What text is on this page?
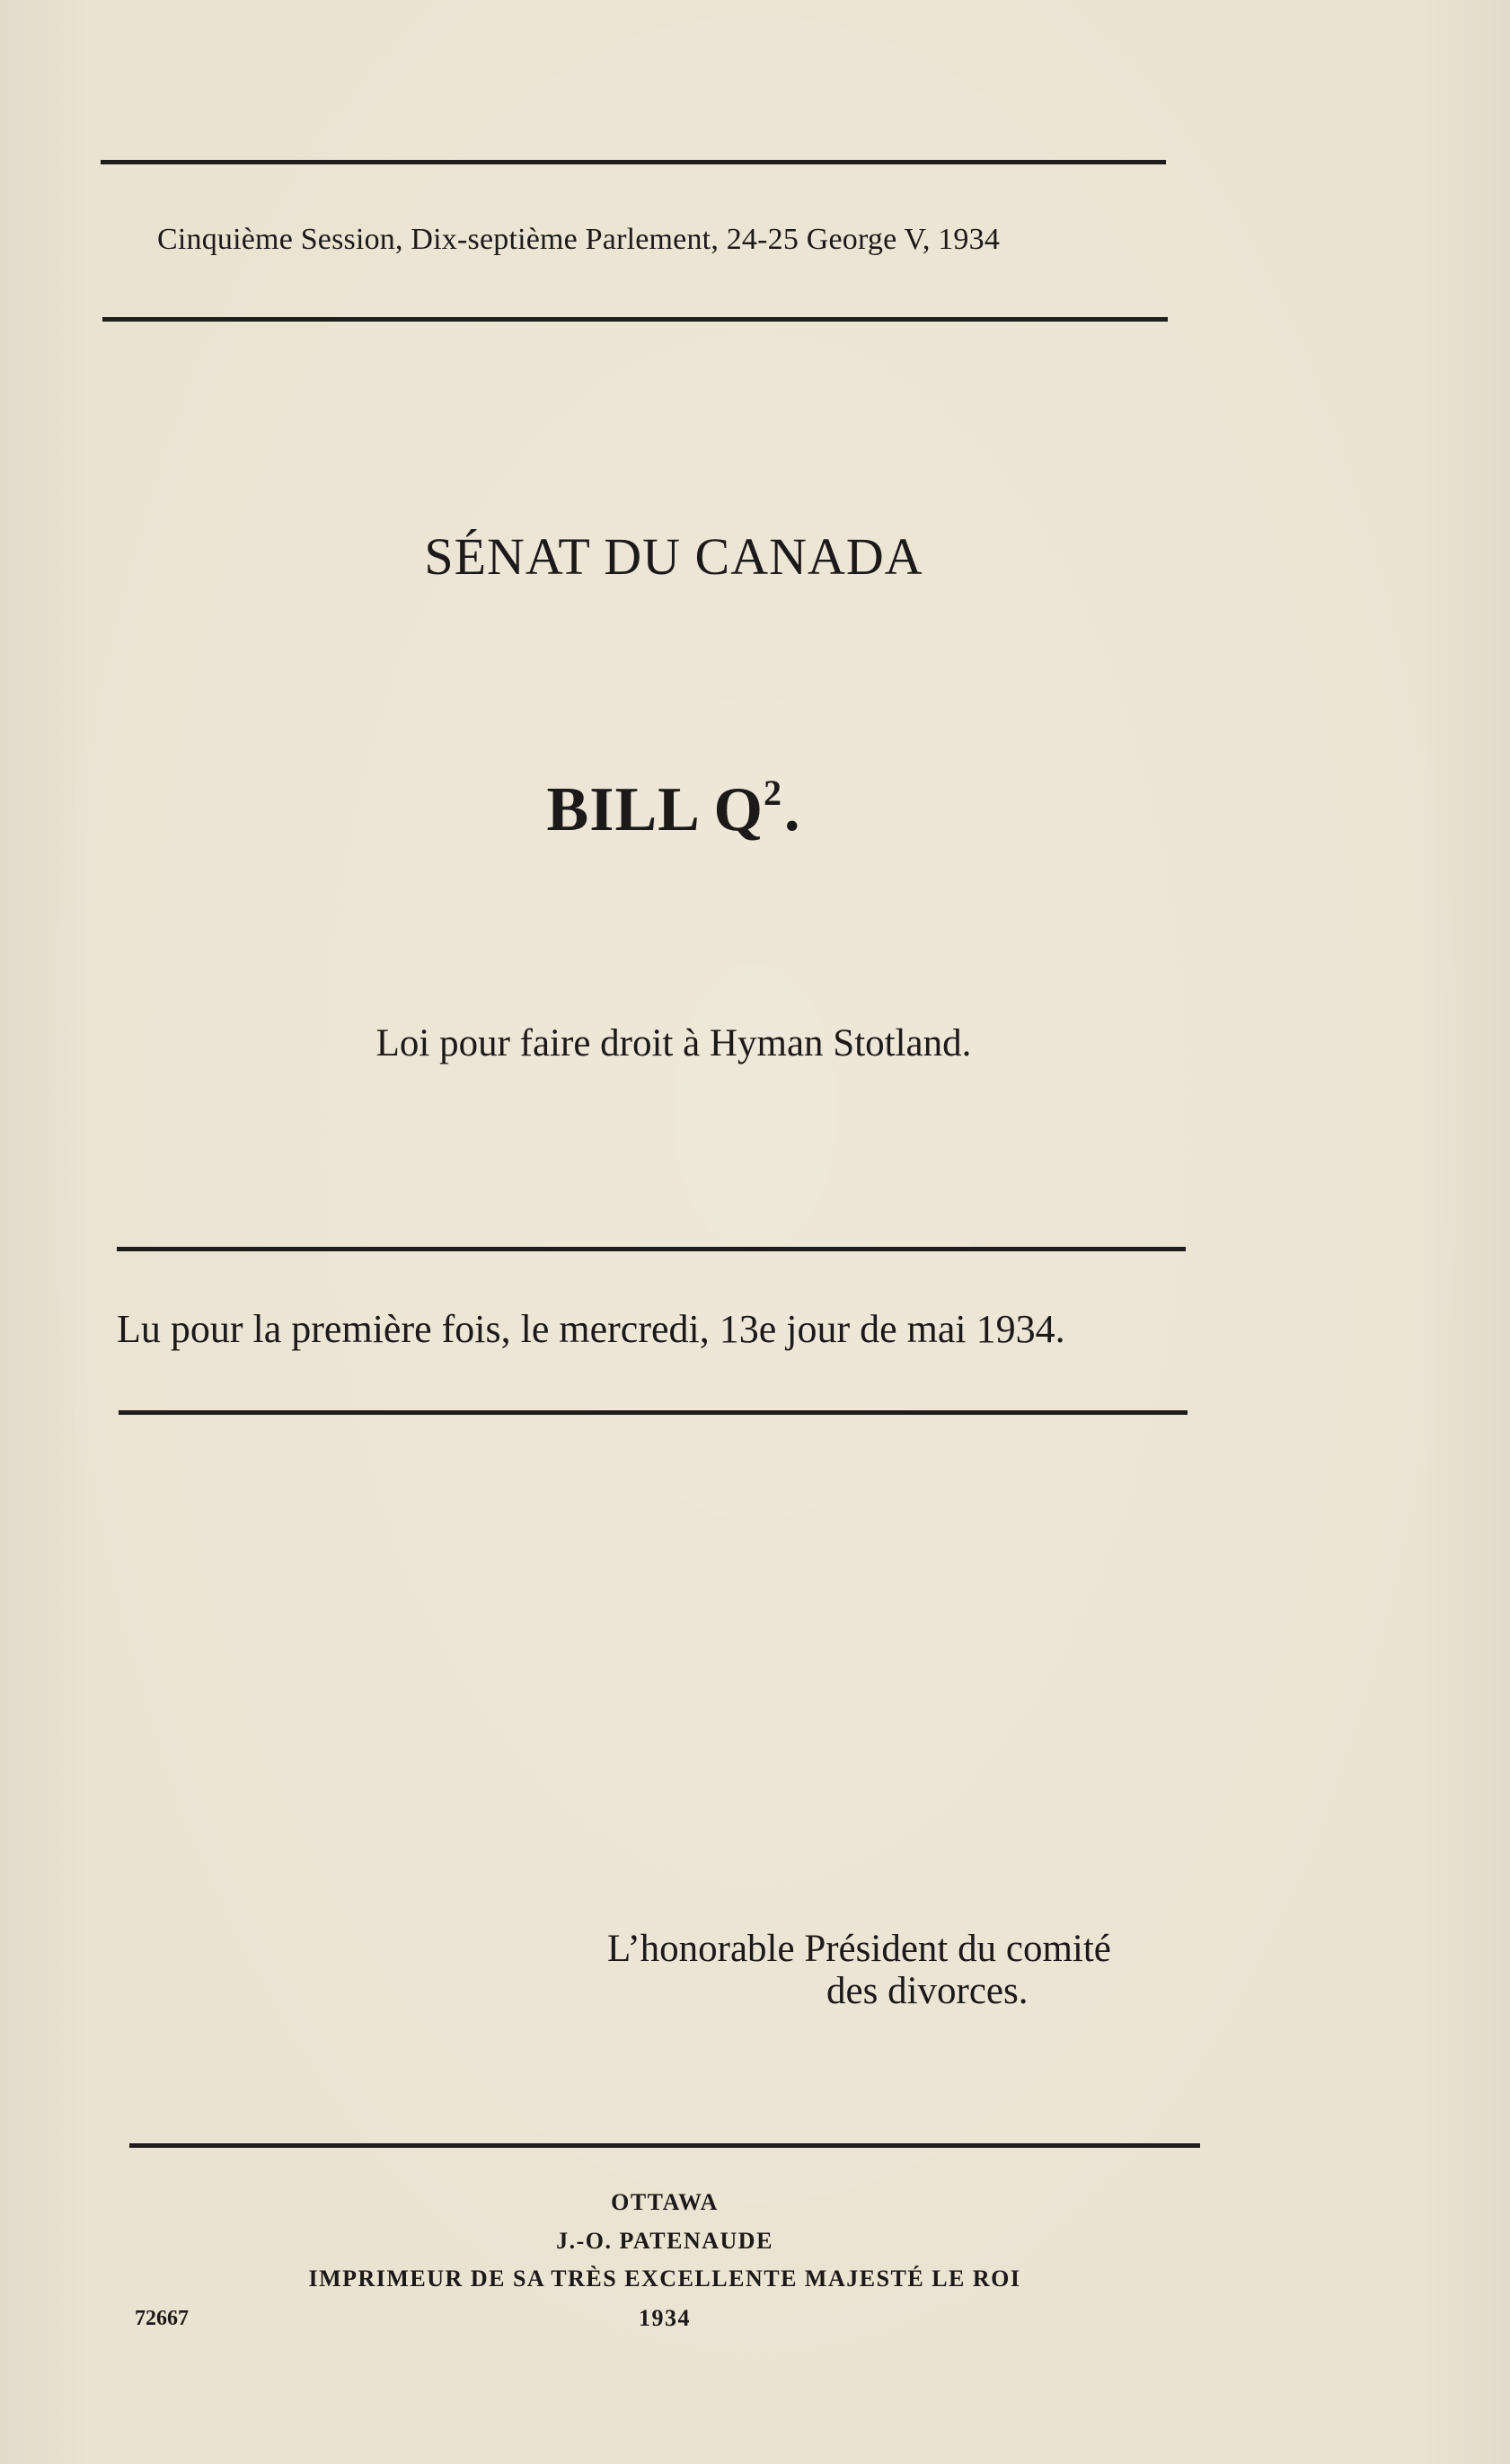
Cinquième Session, Dix-septième Parlement, 24-25 George V, 1934
SÉNAT DU CANADA
BILL $Q^2$.
Loi pour faire droit à Hyman Stotland.
Lu pour la première fois, le mercredi, 13e jour de mai 1934.
L’honorable Président du comité
des divorces.
OTTAWA
J.-O. PATENAUDE
IMPRIMEUR DE SA TRÈS EXCELLENTE MAJESTÉ LE ROI
1934
72667
